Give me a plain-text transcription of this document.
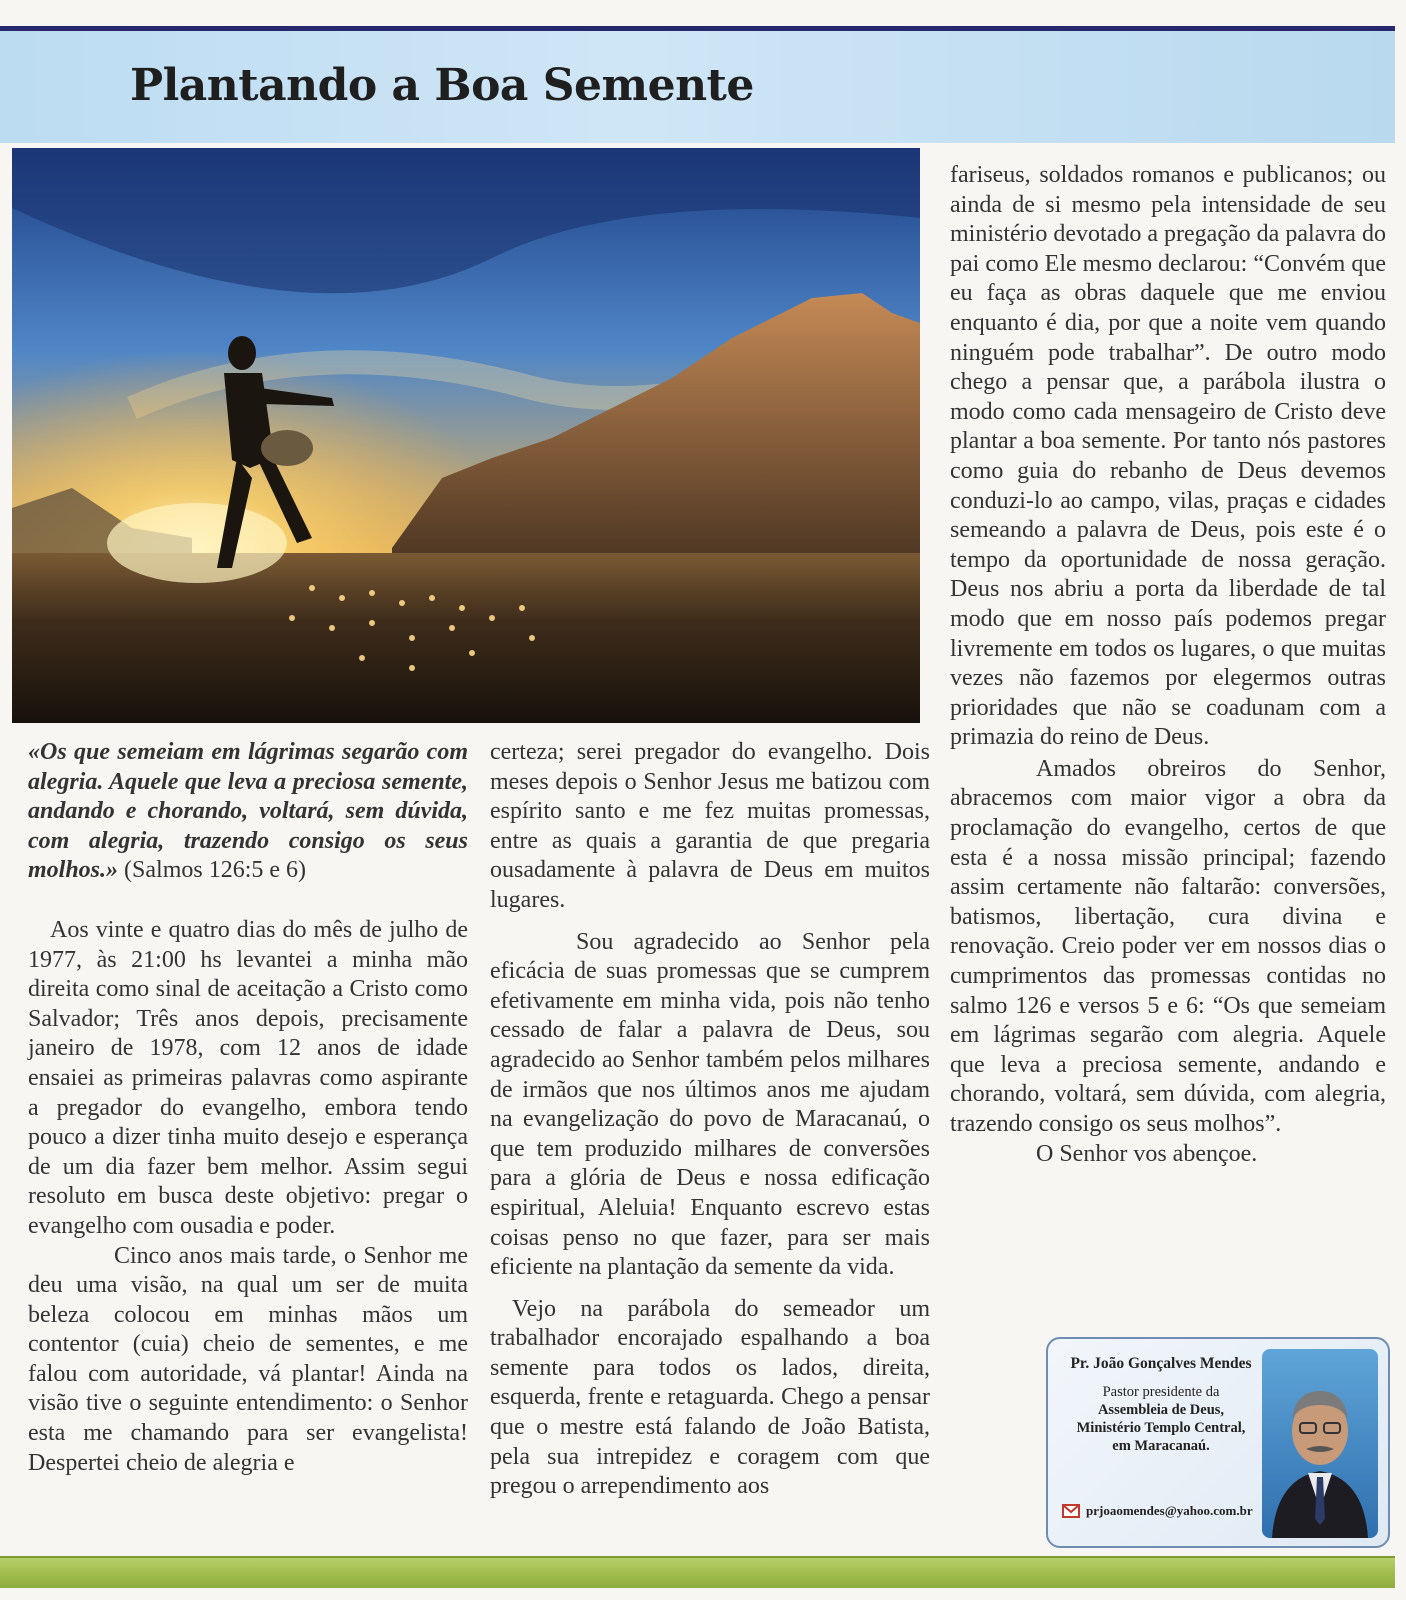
Plantando a Boa Semente

«Os que semeiam em lágrimas segarão com alegria. Aquele que leva a preciosa semente, andando e chorando, voltará, sem dúvida, com alegria, trazendo consigo os seus molhos.» (Salmos 126:5 e 6)

Aos vinte e quatro dias do mês de julho de 1977, às 21:00 hs levantei a minha mão direita como sinal de aceitação a Cristo como Salvador; Três anos depois, precisamente janeiro de 1978, com 12 anos de idade ensaiei as primeiras palavras como aspirante a pregador do evangelho, embora tendo pouco a dizer tinha muito desejo e esperança de um dia fazer bem melhor. Assim segui resoluto em busca deste objetivo: pregar o evangelho com ousadia e poder.

Cinco anos mais tarde, o Senhor me deu uma visão, na qual um ser de muita beleza colocou em minhas mãos um contentor (cuia) cheio de sementes, e me falou com autoridade, vá plantar! Ainda na visão tive o seguinte entendimento: o Senhor esta me chamando para ser evangelista! Despertei cheio de alegria e

certeza; serei pregador do evangelho. Dois meses depois o Senhor Jesus me batizou com espírito santo e me fez muitas promessas, entre as quais a garantia de que pregaria ousadamente à palavra de Deus em muitos lugares.

Sou agradecido ao Senhor pela eficácia de suas promessas que se cumprem efetivamente em minha vida, pois não tenho cessado de falar a palavra de Deus, sou agradecido ao Senhor também pelos milhares de irmãos que nos últimos anos me ajudam na evangelização do povo de Maracanaú, o que tem produzido milhares de conversões para a glória de Deus e nossa edificação espiritual, Aleluia! Enquanto escrevo estas coisas penso no que fazer, para ser mais eficiente na plantação da semente da vida.

Vejo na parábola do semeador um trabalhador encorajado espalhando a boa semente para todos os lados, direita, esquerda, frente e retaguarda. Chego a pensar que o mestre está falando de João Batista, pela sua intrepidez e coragem com que pregou o arrependimento aos

fariseus, soldados romanos e publicanos; ou ainda de si mesmo pela intensidade de seu ministério devotado a pregação da palavra do pai como Ele mesmo declarou: “Convém que eu faça as obras daquele que me enviou enquanto é dia, por que a noite vem quando ninguém pode trabalhar”. De outro modo chego a pensar que, a parábola ilustra o modo como cada mensageiro de Cristo deve plantar a boa semente. Por tanto nós pastores como guia do rebanho de Deus devemos conduzi-lo ao campo, vilas, praças e cidades semeando a palavra de Deus, pois este é o tempo da oportunidade de nossa geração. Deus nos abriu a porta da liberdade de tal modo que em nosso país podemos pregar livremente em todos os lugares, o que muitas vezes não fazemos por elegermos outras prioridades que não se coadunam com a primazia do reino de Deus.

Amados obreiros do Senhor, abracemos com maior vigor a obra da proclamação do evangelho, certos de que esta é a nossa missão principal; fazendo assim certamente não faltarão: conversões, batismos, libertação, cura divina e renovação. Creio poder ver em nossos dias o cumprimentos das promessas contidas no salmo 126 e versos 5 e 6: “Os que semeiam em lágrimas segarão com alegria. Aquele que leva a preciosa semente, andando e chorando, voltará, sem dúvida, com alegria, trazendo consigo os seus molhos”.

O Senhor vos abençoe.

Pr. João Gonçalves Mendes
Pastor presidente da
Assembleia de Deus,
Ministério Templo Central,
em Maracanaú.
prjoaomendes@yahoo.com.br
